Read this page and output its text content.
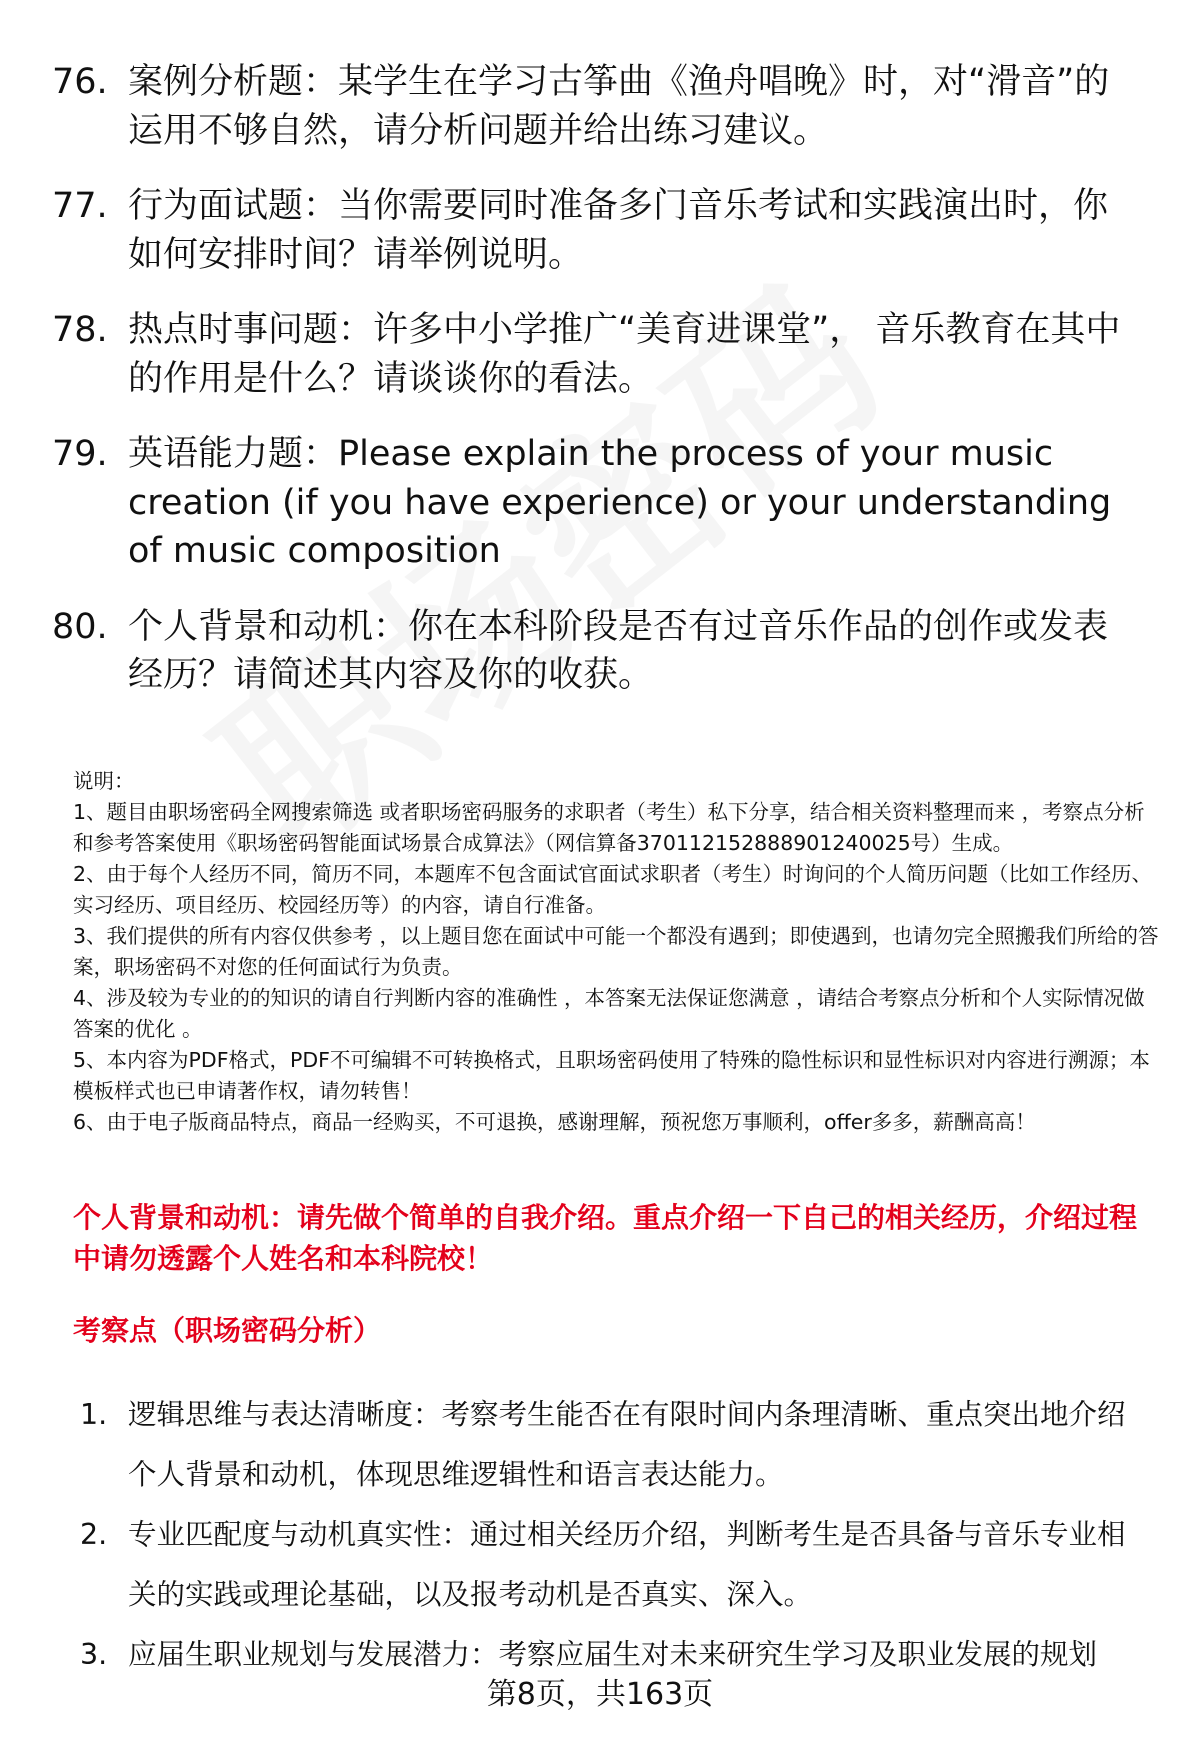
76. 案例分析题：某学生在学习古筝曲《渔舟唱晚》时，对“滑音”的运用不够自然，请分析问题并给出练习建议。
77. 行为面试题：当你需要同时准备多门音乐考试和实践演出时，你如何安排时间？请举例说明。
78. 热点时事问题：许多中小学推广“美育进课堂”， 音乐教育在其中的作用是什么？请谈谈你的看法。
79. 英语能力题：Please explain the process of your music creation (if you have experience) or your understanding of music composition
80. 个人背景和动机：你在本科阶段是否有过音乐作品的创作或发表经历？请简述其内容及你的收获。

说明：

1、题目由职场密码全网搜索筛选 或者职场密码服务的求职者（考生）私下分享，结合相关资料整理而来 ，考察点分析和参考答案使用《职场密码智能面试场景合成算法》（网信算备370112152888901240025号）生成。

2、由于每个人经历不同，简历不同，本题库不包含面试官面试求职者（考生）时询问的个人简历问题（比如工作经历、实习经历、项目经历、校园经历等）的内容，请自行准备。

3、我们提供的所有内容仅供参考 ，以上题目您在面试中可能一个都没有遇到；即使遇到，也请勿完全照搬我们所给的答案，职场密码不对您的任何面试行为负责。

4、涉及较为专业的的知识的请自行判断内容的准确性 ，本答案无法保证您满意 ，请结合考察点分析和个人实际情况做答案的优化 。

5、本内容为PDF格式，PDF不可编辑不可转换格式，且职场密码使用了特殊的隐性标识和显性标识对内容进行溯源；本模板样式也已申请著作权，请勿转售！

6、由于电子版商品特点，商品一经购买，不可退换，感谢理解，预祝您万事顺利，offer多多，薪酬高高！

个人背景和动机：请先做个简单的自我介绍。重点介绍一下自己的相关经历，介绍过程中请勿透露个人姓名和本科院校！
考察点（职场密码分析）
1. 逻辑思维与表达清晰度：考察考生能否在有限时间内条理清晰、重点突出地介绍个人背景和动机，体现思维逻辑性和语言表达能力。
2. 专业匹配度与动机真实性：通过相关经历介绍，判断考生是否具备与音乐专业相关的实践或理论基础，以及报考动机是否真实、深入。
3. 应届生职业规划与发展潜力：考察应届生对未来研究生学习及职业发展的规划
第8页，共163页
